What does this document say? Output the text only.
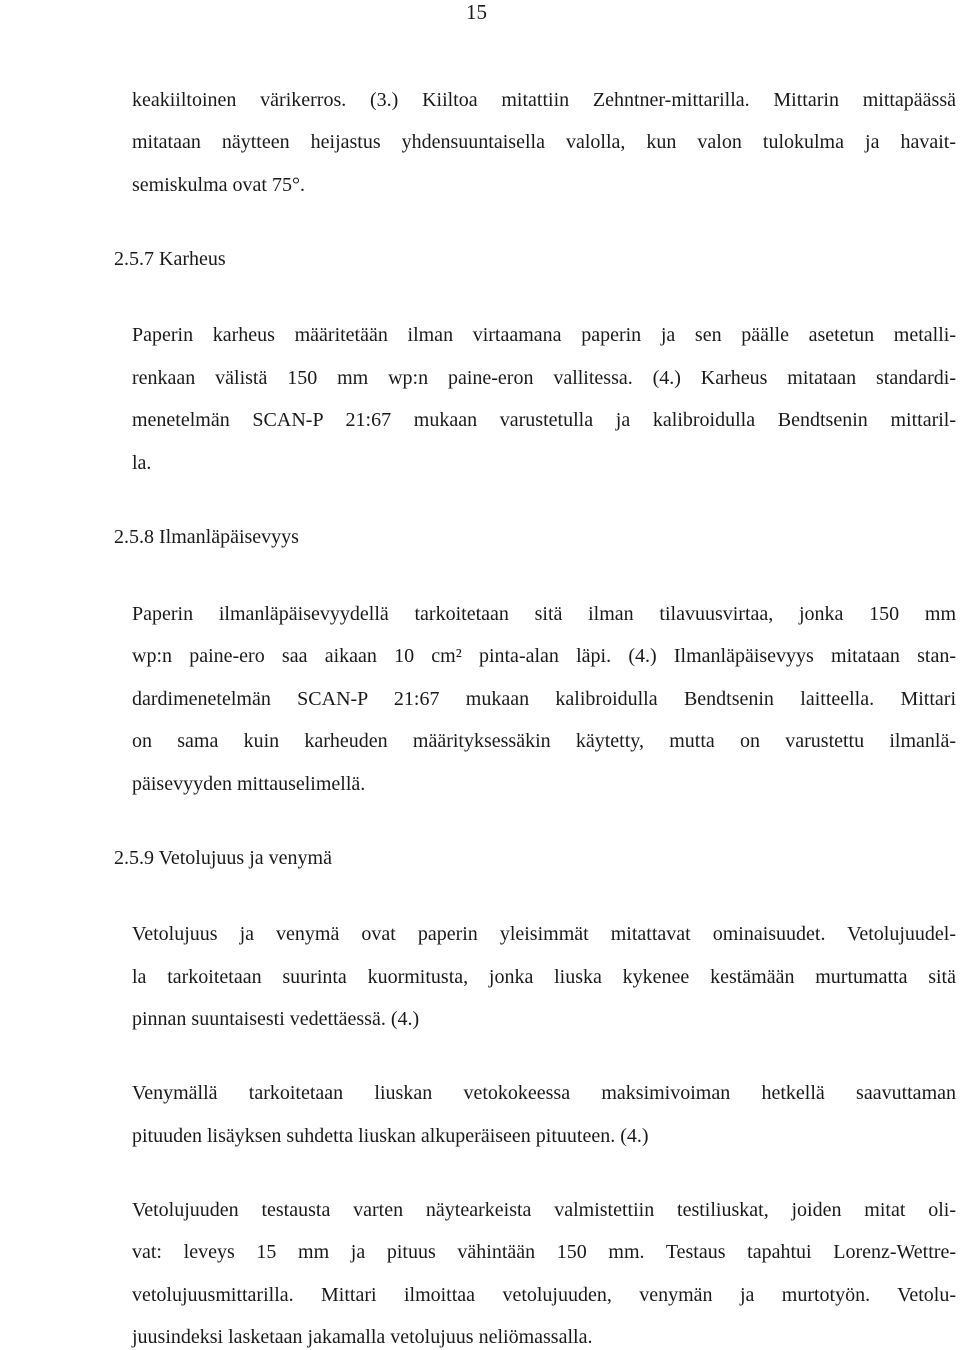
15
keakiiltoinen värikerros. (3.) Kiiltoa mitattiin Zehntner-mittarilla. Mittarin mittapäässä
mitataan näytteen heijastus yhdensuuntaisella valolla, kun valon tulokulma ja havait-
semiskulma ovat 75°.
2.5.7 Karheus
Paperin karheus määritetään ilman virtaamana paperin ja sen päälle asetetun metalli-
renkaan välistä 150 mm wp:n paine-eron vallitessa. (4.) Karheus mitataan standardi-
menetelmän SCAN-P 21:67 mukaan varustetulla ja kalibroidulla Bendtsenin mittaril-
la.
2.5.8 Ilmanläpäisevyys
Paperin ilmanläpäisevyydellä tarkoitetaan sitä ilman tilavuusvirtaa, jonka 150 mm
wp:n paine-ero saa aikaan 10 cm² pinta-alan läpi. (4.) Ilmanläpäisevyys mitataan stan-
dardimenetelmän SCAN-P 21:67 mukaan kalibroidulla Bendtsenin laitteella. Mittari
on sama kuin karheuden määrityksessäkin käytetty, mutta on varustettu ilmanlä-
päisevyyden mittauselimellä.
2.5.9 Vetolujuus ja venymä
Vetolujuus ja venymä ovat paperin yleisimmät mitattavat ominaisuudet. Vetolujuudel-
la tarkoitetaan suurinta kuormitusta, jonka liuska kykenee kestämään murtumatta sitä
pinnan suuntaisesti vedettäessä. (4.)
Venymällä tarkoitetaan liuskan vetokokeessa maksimivoiman hetkellä saavuttaman
pituuden lisäyksen suhdetta liuskan alkuperäiseen pituuteen. (4.)
Vetolujuuden testausta varten näytearkeista valmistettiin testiliuskat, joiden mitat oli-
vat: leveys 15 mm ja pituus vähintään 150 mm. Testaus tapahtui Lorenz-Wettre-
vetolujuusmittarilla. Mittari ilmoittaa vetolujuuden, venymän ja murtotyön. Vetolu-
juusindeksi lasketaan jakamalla vetolujuus neliömassalla.
